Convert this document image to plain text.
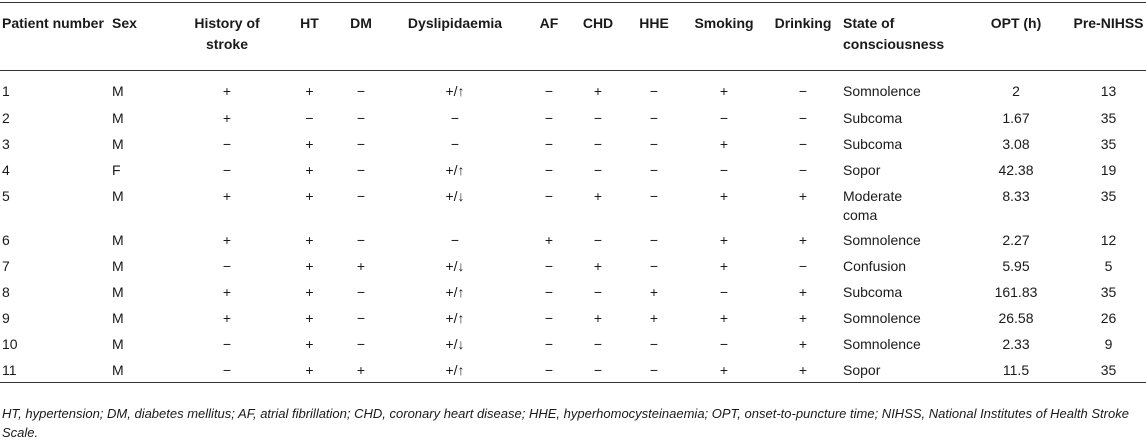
Patient number	Sex	History of stroke	HT	DM	Dyslipidaemia	AF	CHD	HHE	Smoking	Drinking	State of consciousness	OPT (h)	Pre-NIHSS
1	M	+	+	−	+/↑	−	+	−	+	−	Somnolence	2	13
2	M	+	−	−	−	−	−	−	−	−	Subcoma	1.67	35
3	M	−	+	−	−	−	−	−	+	−	Subcoma	3.08	35
4	F	−	+	−	+/↑	−	−	−	−	−	Sopor	42.38	19
5	M	+	+	−	+/↓	−	+	−	+	+	Moderate coma	8.33	35
6	M	+	+	−	−	+	−	−	+	+	Somnolence	2.27	12
7	M	−	+	+	+/↓	−	+	−	+	−	Confusion	5.95	5
8	M	+	+	−	+/↑	−	−	+	−	+	Subcoma	161.83	35
9	M	+	+	−	+/↑	−	+	+	+	+	Somnolence	26.58	26
10	M	−	+	−	+/↓	−	−	−	−	+	Somnolence	2.33	9
11	M	−	+	+	+/↑	−	−	−	+	+	Sopor	11.5	35
HT, hypertension; DM, diabetes mellitus; AF, atrial fibrillation; CHD, coronary heart disease; HHE, hyperhomocysteinaemia; OPT, onset-to-puncture time; NIHSS, National Institutes of Health Stroke Scale.
